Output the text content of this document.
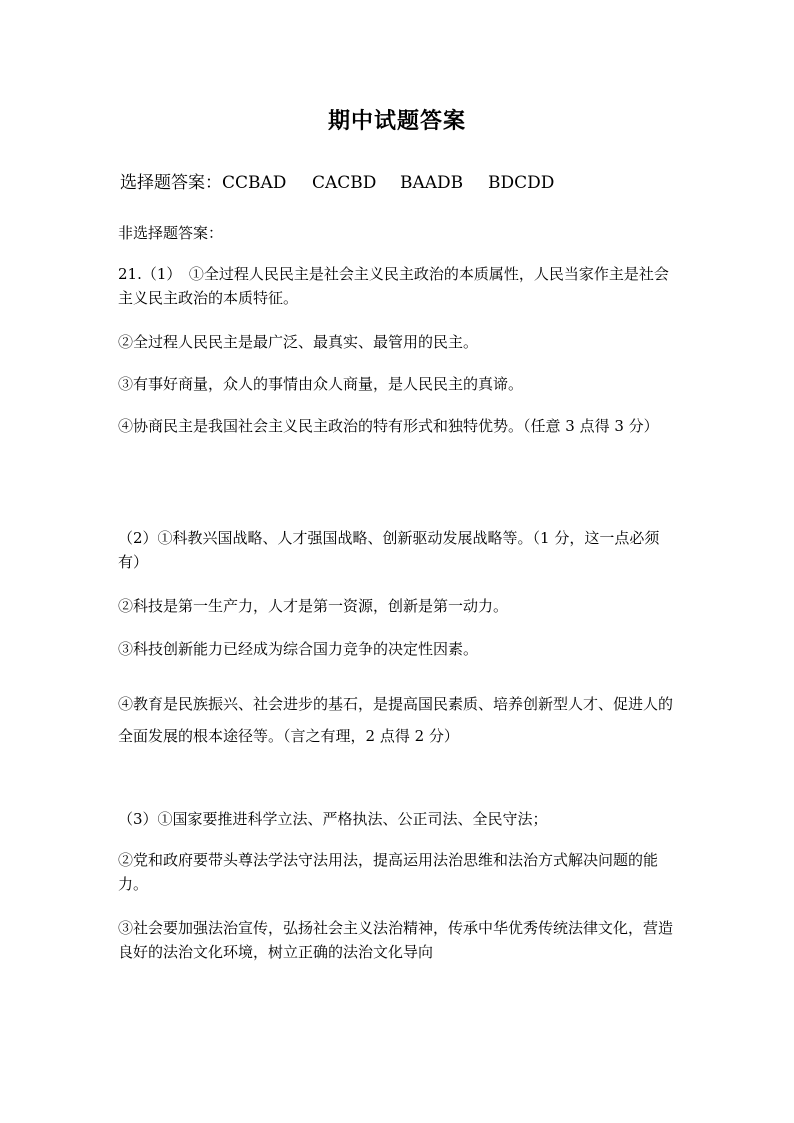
期中试题答案
选择题答案：CCBAD CACBD BAADB BDCDD
非选择题答案：
21.（1）　①全过程人民民主是社会主义民主政治的本质属性，人民当家作主是社会主义民主政治的本质特征。
②全过程人民民主是最广泛、最真实、最管用的民主。
③有事好商量，众人的事情由众人商量，是人民民主的真谛。
④协商民主是我国社会主义民主政治的特有形式和独特优势。（任意 3 点得 3 分）
（2）①科教兴国战略、人才强国战略、创新驱动发展战略等。（1 分，这一点必须有）
②科技是第一生产力，人才是第一资源，创新是第一动力。
③科技创新能力已经成为综合国力竞争的决定性因素。
④教育是民族振兴、社会进步的基石，是提高国民素质、培养创新型人才、促进人的全面发展的根本途径等。（言之有理，2 点得 2 分）
（3）①国家要推进科学立法、严格执法、公正司法、全民守法；
②党和政府要带头尊法学法守法用法，提高运用法治思维和法治方式解决问题的能力。
③社会要加强法治宣传，弘扬社会主义法治精神，传承中华优秀传统法律文化，营造良好的法治文化环境，树立正确的法治文化导向
